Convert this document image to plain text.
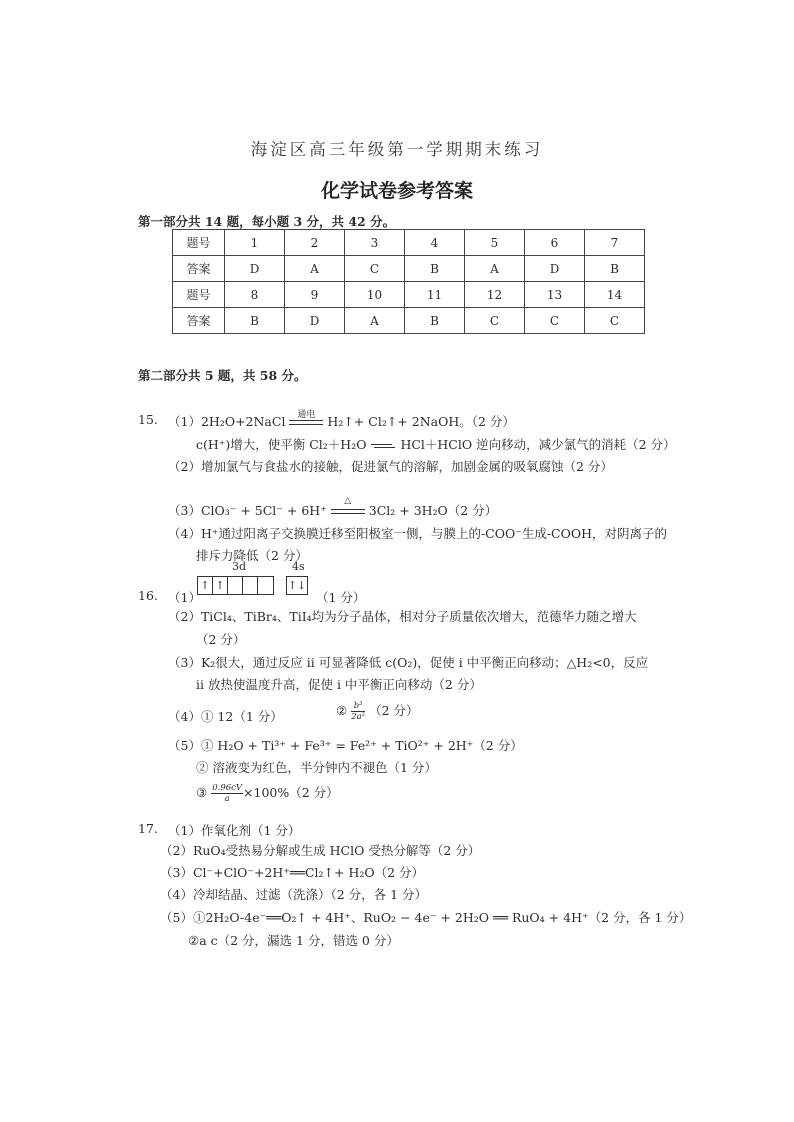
海淀区高三年级第一学期期末练习
化学试卷参考答案
第一部分共 14 题，每小题 3 分，共 42 分。
题号	1	2	3	4	5	6	7
答案	D	A	C	B	A	D	B
题号	8	9	10	11	12	13	14
答案	B	D	A	B	C	C	C
第二部分共 5 题，共 58 分。
15. （1）2H₂O+2NaCl	通电 H₂↑+ Cl₂↑+ 2NaOH。（2 分）
c(H⁺)增大，使平衡 Cl₂＋H₂O	HCl＋HClO 逆向移动，减少氯气的消耗（2 分）
（2）增加氯气与食盐水的接触，促进氯气的溶解，加剧金属的吸氧腐蚀（2 分）
（3）ClO₃⁻ + 5Cl⁻ + 6H⁺
△
3Cl₂ + 3H₂O（2 分）
（4）H⁺通过阳离子交换膜迁移至阳极室一侧，与膜上的-COO⁻生成-COOH，对阴离子的
排斥力降低（2 分）
3d	4s
16. （1）
↑ ↑	↑↓
（1 分）
（2）TiCl₄、TiBr₄、TiI₄均为分子晶体，相对分子质量依次增大，范德华力随之增大
（2 分）
（3）K₂很大，通过反应 ii 可显著降低 c(O₂)，促使 i 中平衡正向移动；△H₂<0，反应
ii 放热使温度升高，促使 i 中平衡正向移动（2 分）
（4）① 12（1 分）	② $\frac{\text{b³}}{\text{2a²}} (2$ 分）
（5）① H₂O + Ti³⁺ + Fe³⁺ = Fe²⁺ + TiO²⁺ + 2H⁺（2 分）
② 溶液变为红色，半分钟内不褪色（1 分）
③ $\frac{0.96cV}{a} \times 100\%(2$ 分）
17. （1）作氧化剂（1 分）
（2）RuO₄受热易分解或生成 HClO 受热分解等（2 分）
（3）Cl⁻+ClO⁻+2H⁺══Cl₂↑+ H₂O（2 分）
（4）冷却结晶、过滤（洗涤）（2 分，各 1 分）
（5）①2H₂O-4e⁻══O₂↑ + 4H⁺、RuO₂ − 4e⁻ + 2H₂O ══ RuO₄ + 4H⁺（2 分，各 1 分）
②a c（2 分，漏选 1 分，错选 0 分）
